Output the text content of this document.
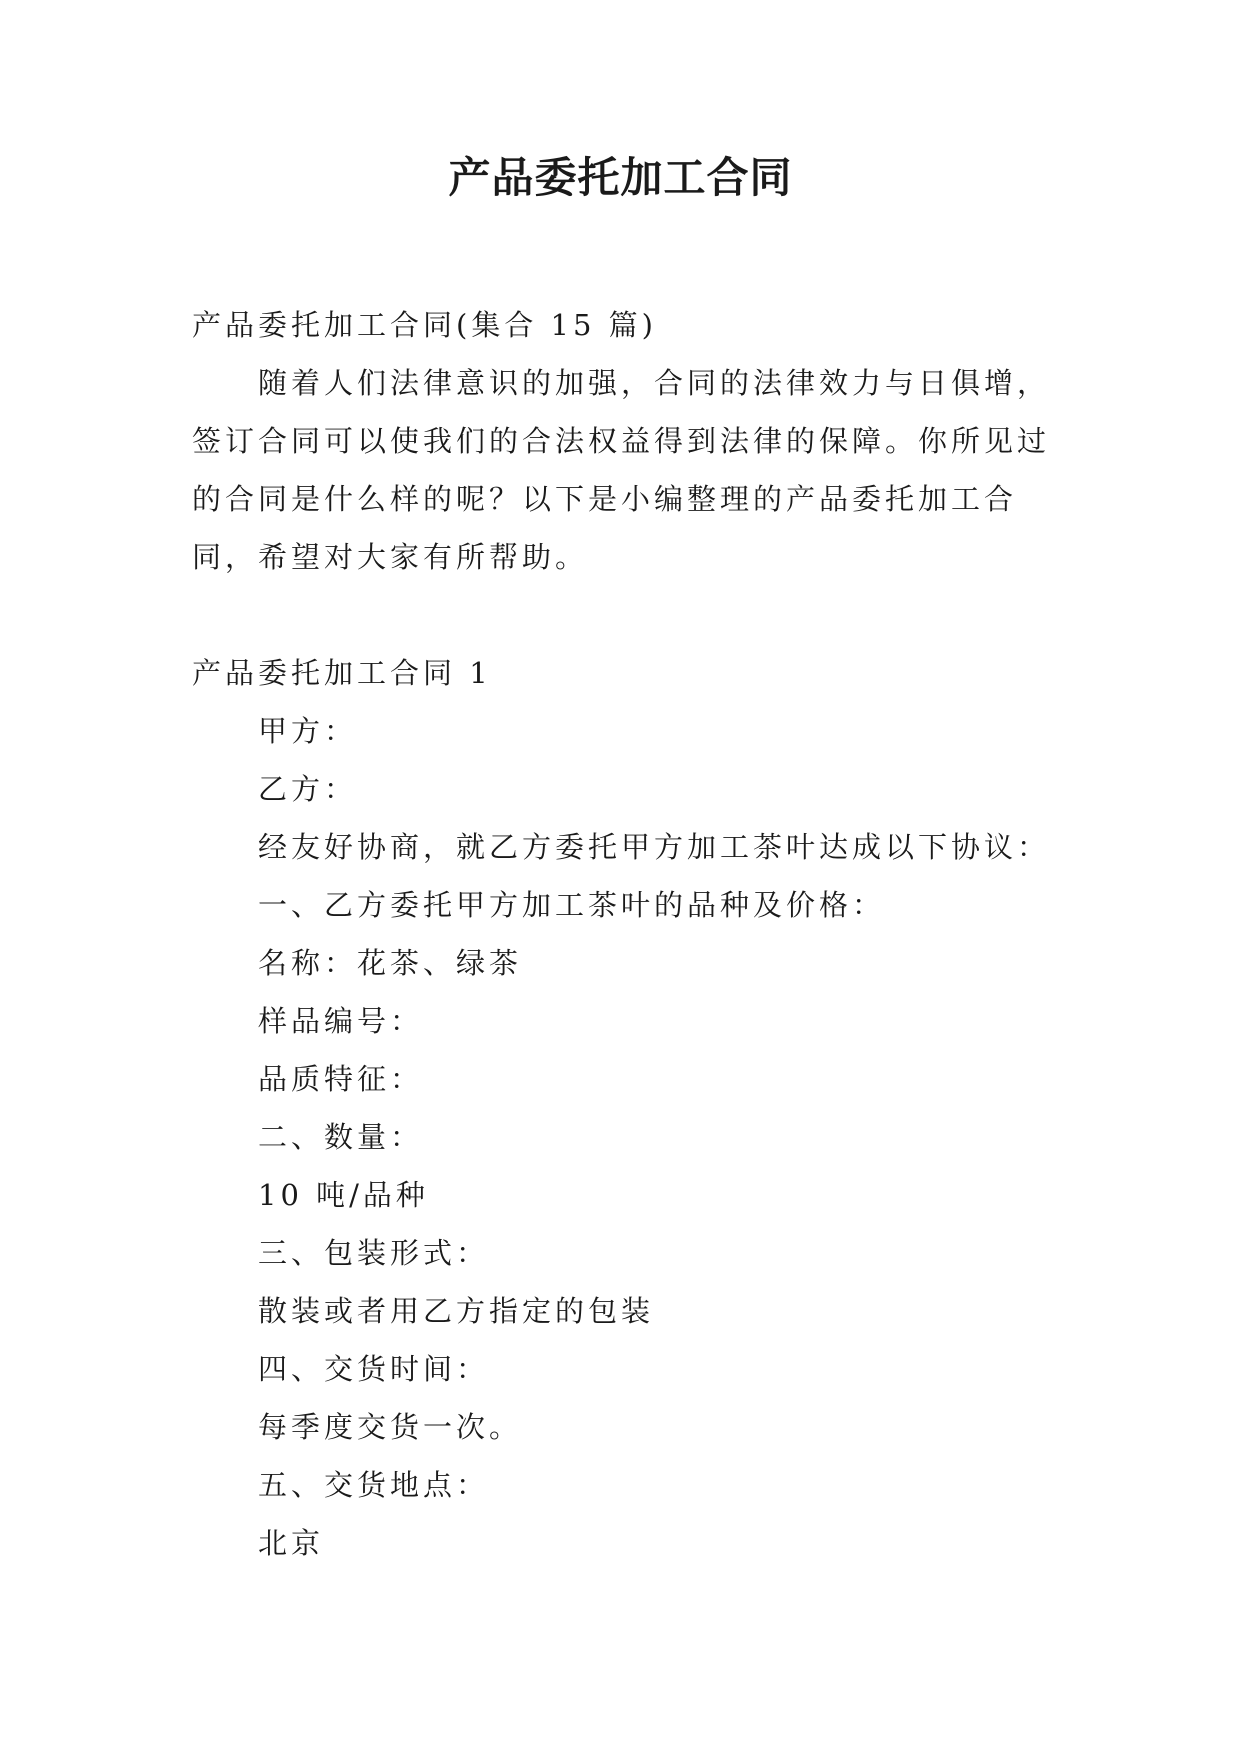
产品委托加工合同

产品委托加工合同(集合 15 篇)

随着人们法律意识的加强，合同的法律效力与日俱增，签订合同可以使我们的合法权益得到法律的保障。你所见过的合同是什么样的呢？以下是小编整理的产品委托加工合同，希望对大家有所帮助。

产品委托加工合同 1

甲方：

乙方：

经友好协商，就乙方委托甲方加工茶叶达成以下协议：

一、乙方委托甲方加工茶叶的品种及价格：

名称：花茶、绿茶

样品编号：

品质特征：

二、数量：

10 吨/品种

三、包装形式：

散装或者用乙方指定的包装

四、交货时间：

每季度交货一次。

五、交货地点：

北京
